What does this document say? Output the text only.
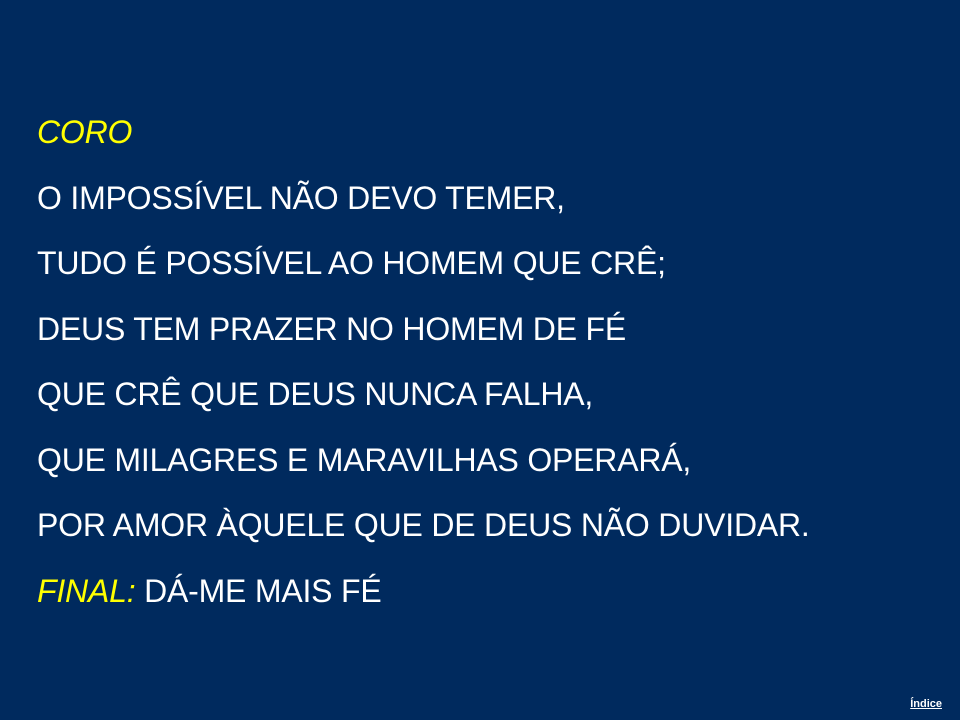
CORO
O IMPOSSÍVEL NÃO DEVO TEMER,
TUDO É POSSÍVEL AO HOMEM QUE CRÊ;
DEUS TEM PRAZER NO HOMEM DE FÉ
QUE CRÊ QUE DEUS NUNCA FALHA,
QUE MILAGRES E MARAVILHAS OPERARÁ,
POR AMOR ÀQUELE QUE DE DEUS NÃO DUVIDAR.
FINAL: DÁ-ME MAIS FÉ
Índice
